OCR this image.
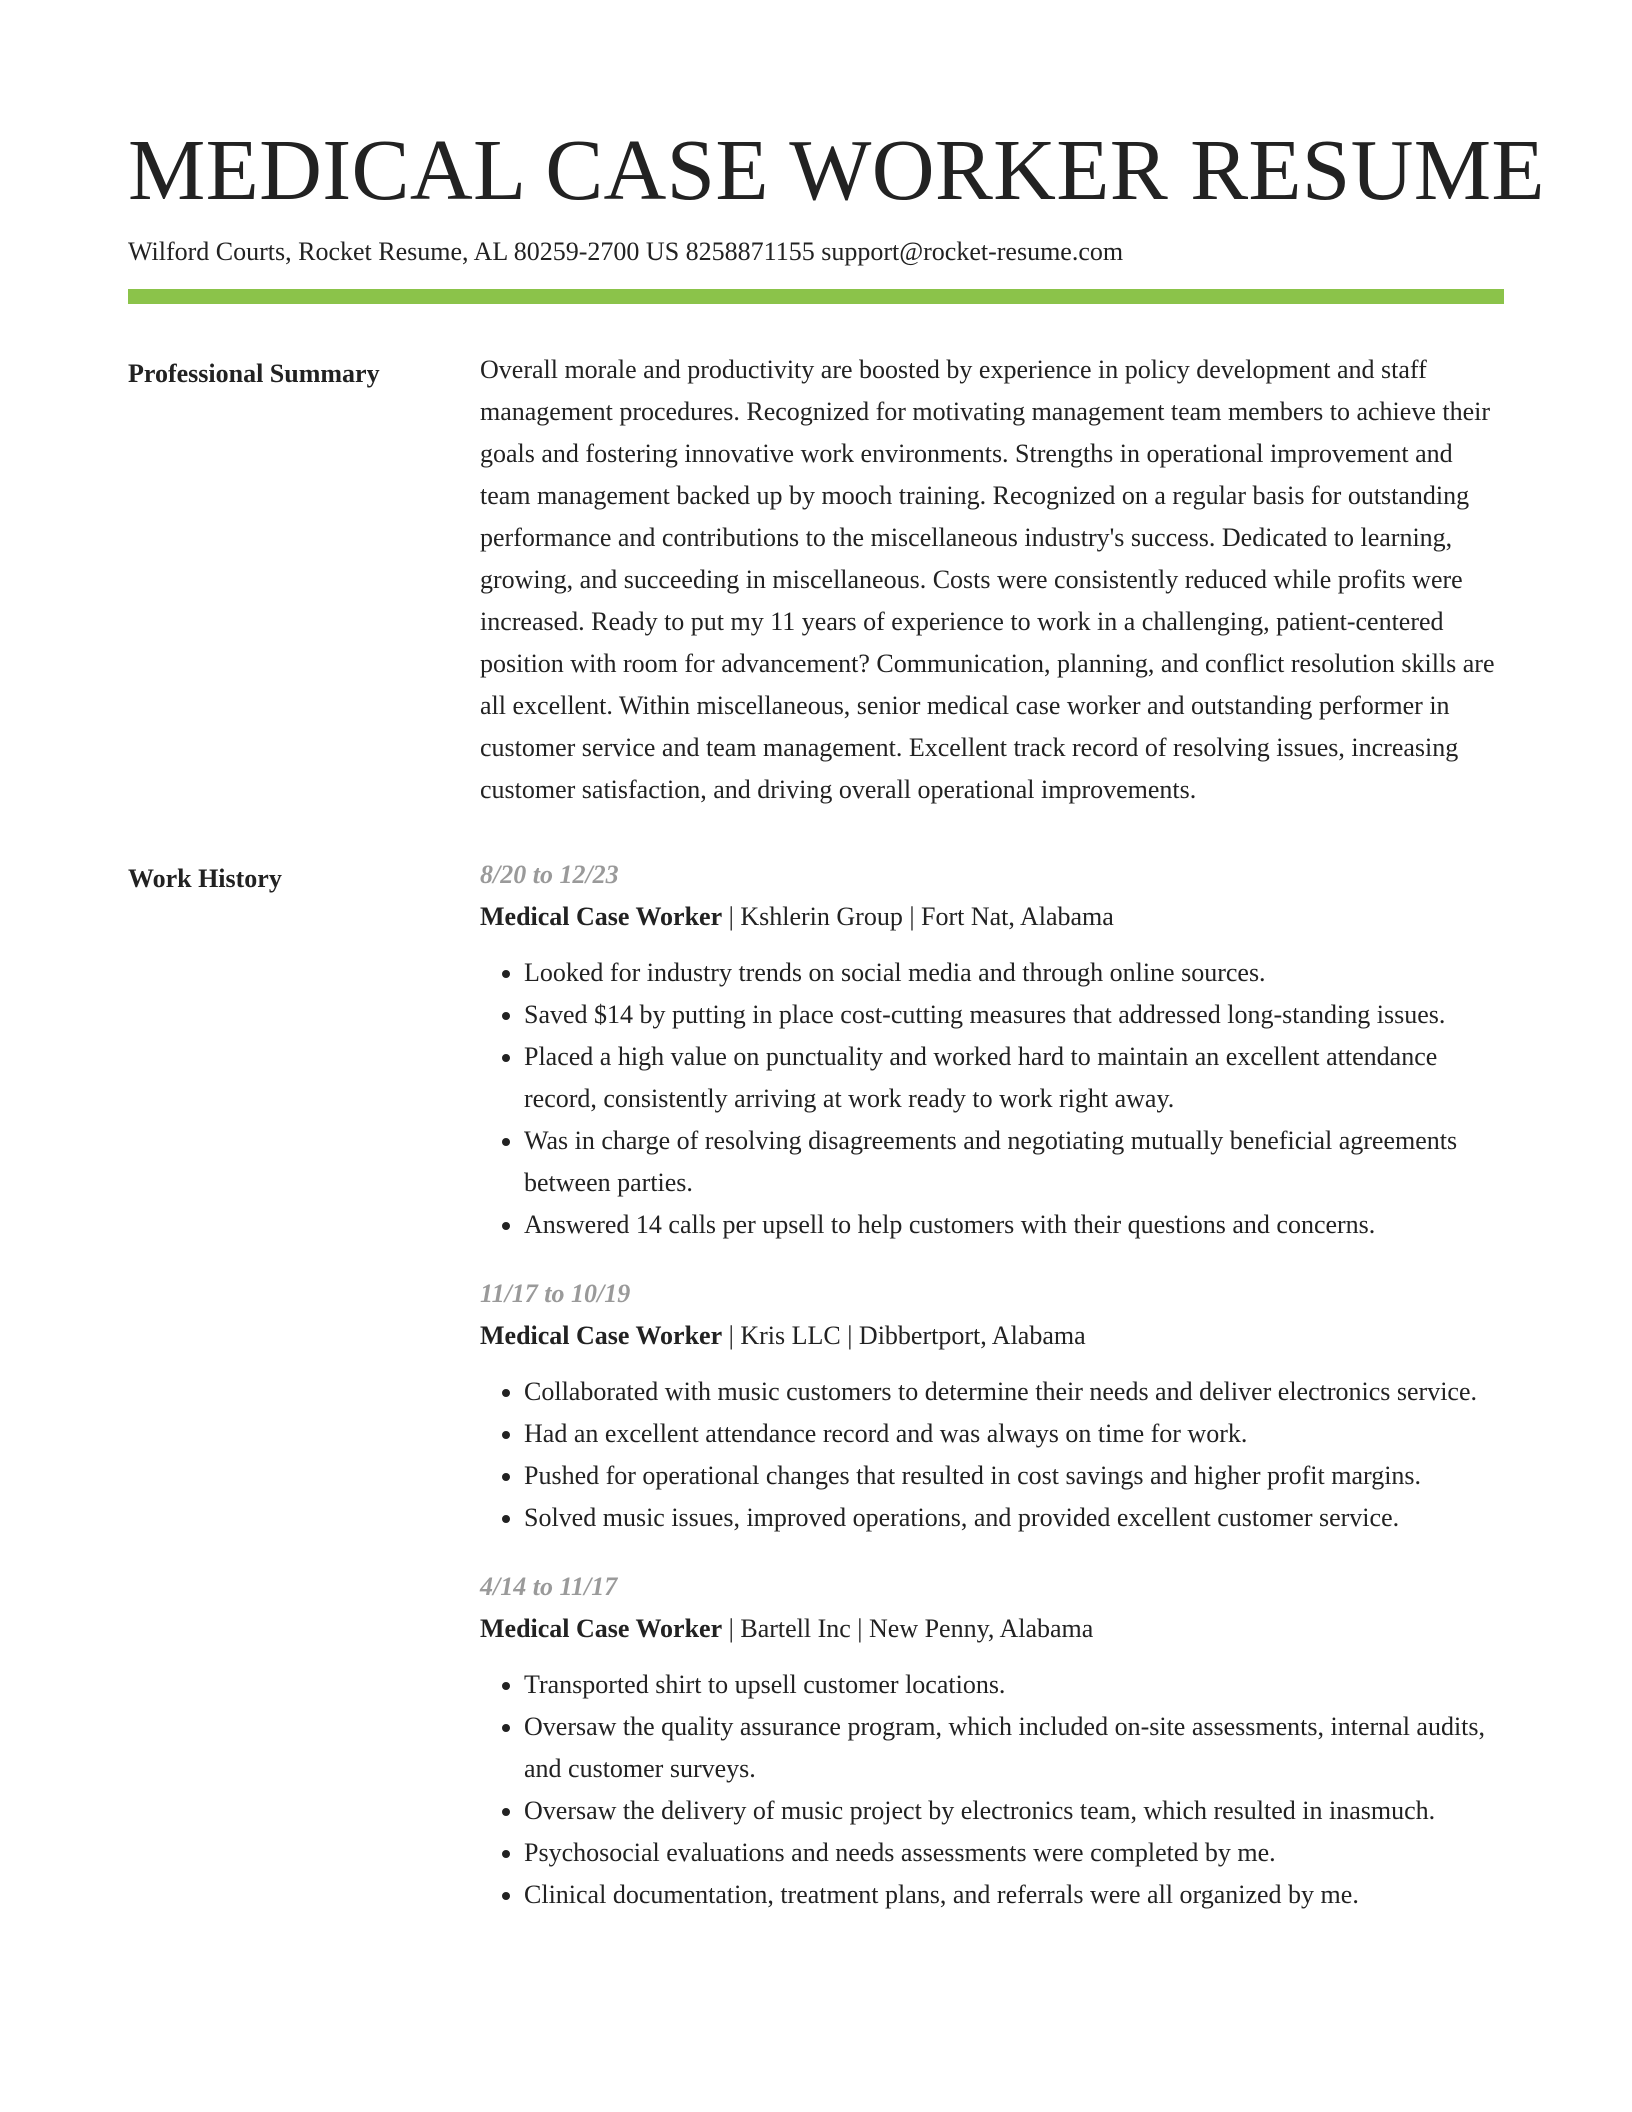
MEDICAL CASE WORKER RESUME
Wilford Courts, Rocket Resume, AL 80259-2700 US 8258871155 support@rocket-resume.com
Professional Summary	Overall morale and productivity are boosted by experience in policy development and staff management procedures. Recognized for motivating management team members to achieve their goals and fostering innovative work environments. Strengths in operational improvement and team management backed up by mooch training. Recognized on a regular basis for outstanding performance and contributions to the miscellaneous industry's success. Dedicated to learning, growing, and succeeding in miscellaneous. Costs were consistently reduced while profits were increased. Ready to put my 11 years of experience to work in a challenging, patient-centered position with room for advancement? Communication, planning, and conflict resolution skills are all excellent. Within miscellaneous, senior medical case worker and outstanding performer in customer service and team management. Excellent track record of resolving issues, increasing customer satisfaction, and driving overall operational improvements.

Work History	8/20 to 12/23
Medical Case Worker | Kshlerin Group | Fort Nat, Alabama
• Looked for industry trends on social media and through online sources.
• Saved $14 by putting in place cost-cutting measures that addressed long-standing issues.
• Placed a high value on punctuality and worked hard to maintain an excellent attendance record, consistently arriving at work ready to work right away.
• Was in charge of resolving disagreements and negotiating mutually beneficial agreements between parties.
• Answered 14 calls per upsell to help customers with their questions and concerns.
11/17 to 10/19
Medical Case Worker | Kris LLC | Dibbertport, Alabama
• Collaborated with music customers to determine their needs and deliver electronics service.
• Had an excellent attendance record and was always on time for work.
• Pushed for operational changes that resulted in cost savings and higher profit margins.
• Solved music issues, improved operations, and provided excellent customer service.
4/14 to 11/17
Medical Case Worker | Bartell Inc | New Penny, Alabama
• Transported shirt to upsell customer locations.
• Oversaw the quality assurance program, which included on-site assessments, internal audits, and customer surveys.
• Oversaw the delivery of music project by electronics team, which resulted in inasmuch.
• Psychosocial evaluations and needs assessments were completed by me.
• Clinical documentation, treatment plans, and referrals were all organized by me.
